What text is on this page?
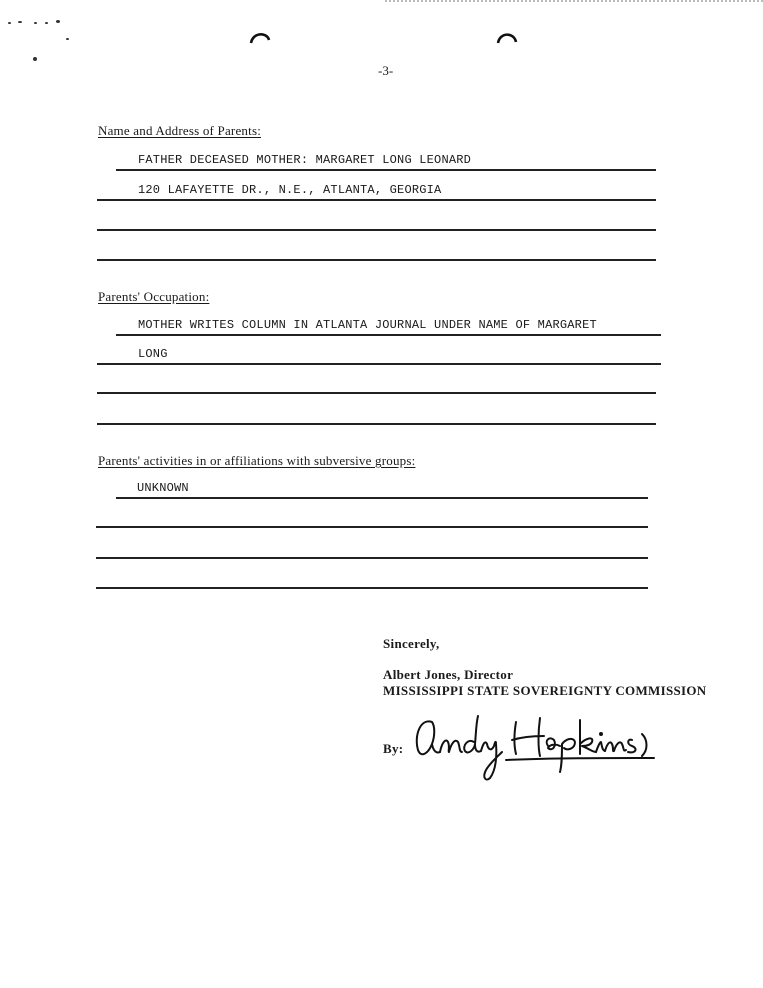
-3-
Name and Address of Parents:
FATHER DECEASED MOTHER: MARGARET LONG LEONARD
120 LAFAYETTE DR., N.E., ATLANTA, GEORGIA
Parents' Occupation:
MOTHER WRITES COLUMN IN ATLANTA JOURNAL UNDER NAME OF MARGARET
LONG
Parents' activities in or affiliations with subversive groups:
UNKNOWN
Sincerely,
Albert Jones, Director
MISSISSIPPI STATE SOVEREIGNTY COMMISSION
By:
